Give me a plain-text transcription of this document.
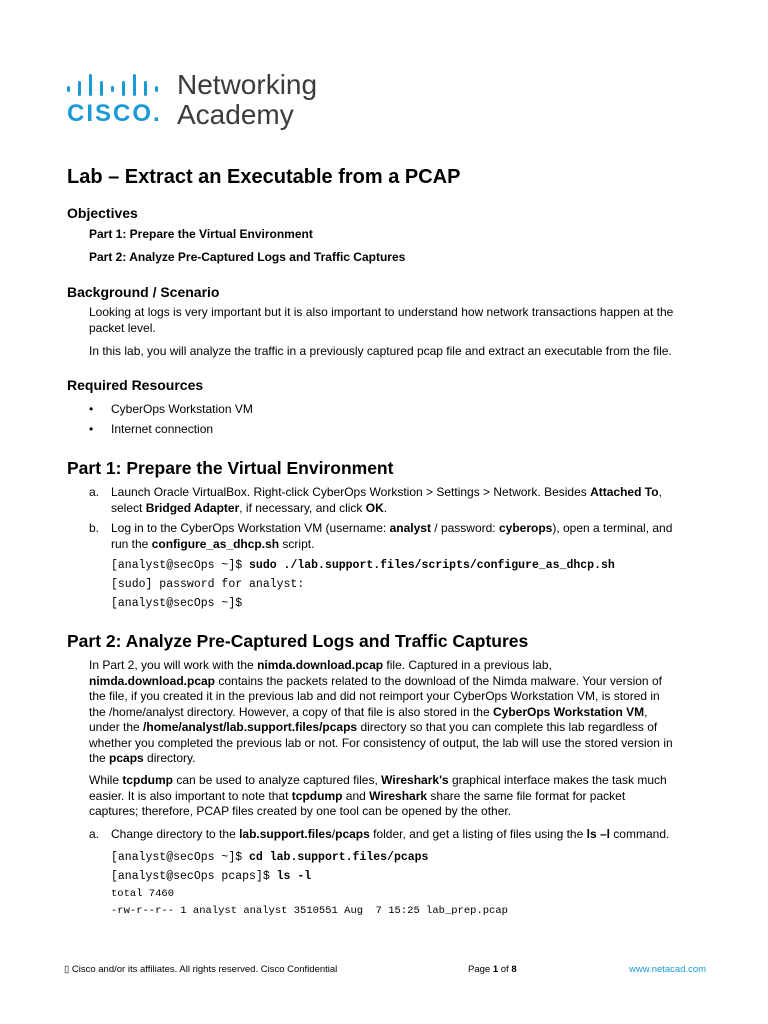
CISCO.
Networking
Academy
Lab – Extract an Executable from a PCAP
Objectives
Part 1: Prepare the Virtual Environment
Part 2: Analyze Pre-Captured Logs and Traffic Captures
Background / Scenario
Looking at logs is very important but it is also important to understand how network transactions happen at the packet level.
In this lab, you will analyze the traffic in a previously captured pcap file and extract an executable from the file.
Required Resources
• CyberOps Workstation VM
• Internet connection
Part 1: Prepare the Virtual Environment
a. Launch Oracle VirtualBox. Right-click CyberOps Workstion > Settings > Network. Besides Attached To,
select Bridged Adapter, if necessary, and click OK.
b. Log in to the CyberOps Workstation VM (username: analyst / password: cyberops), open a terminal, and
run the configure_as_dhcp.sh script.
[analyst@secOps ~]$ sudo ./lab.support.files/scripts/configure_as_dhcp.sh
[sudo] password for analyst:
[analyst@secOps ~]$
Part 2: Analyze Pre-Captured Logs and Traffic Captures
In Part 2, you will work with the nimda.download.pcap file. Captured in a previous lab,
nimda.download.pcap contains the packets related to the download of the Nimda malware. Your version of
the file, if you created it in the previous lab and did not reimport your CyberOps Workstation VM, is stored in
the /home/analyst directory. However, a copy of that file is also stored in the CyberOps Workstation VM,
under the /home/analyst/lab.support.files/pcaps directory so that you can complete this lab regardless of
whether you completed the previous lab or not. For consistency of output, the lab will use the stored version in
the pcaps directory.
While tcpdump can be used to analyze captured files, Wireshark's graphical interface makes the task much
easier. It is also important to note that tcpdump and Wireshark share the same file format for packet
captures; therefore, PCAP files created by one tool can be opened by the other.
a. Change directory to the lab.support.files/pcaps folder, and get a listing of files using the ls –l command.
[analyst@secOps ~]$ cd lab.support.files/pcaps
[analyst@secOps pcaps]$ ls -l
total 7460
-rw-r--r-- 1 analyst analyst 3510551 Aug  7 15:25 lab_prep.pcap
▯ Cisco and/or its affiliates. All rights reserved. Cisco Confidential	Page 1 of 8	www.netacad.com
